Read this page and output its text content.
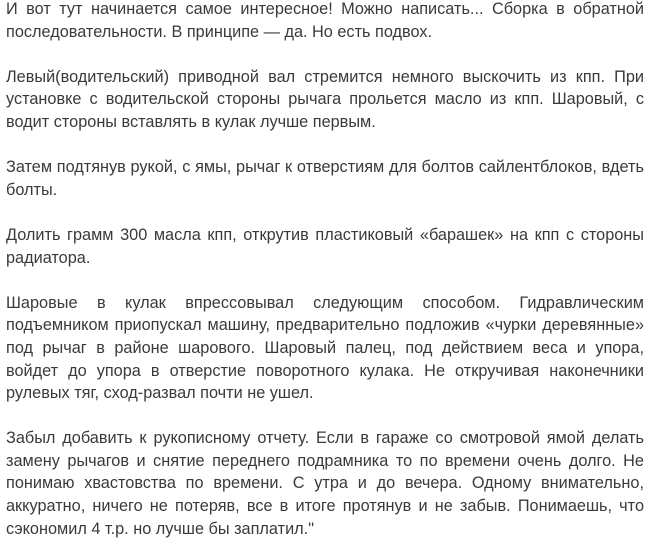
И вот тут начинается самое интересное! Можно написать... Сборка в обратной последовательности. В принципе — да. Но есть подвох.

Левый(водительский) приводной вал стремится немного выскочить из кпп. При установке с водительской стороны рычага прольется масло из кпп. Шаровый, с водит стороны вставлять в кулак лучше первым.

Затем подтянув рукой, с ямы, рычаг к отверстиям для болтов сайлентблоков, вдеть болты.

Долить грамм 300 масла кпп, открутив пластиковый «барашек» на кпп с стороны радиатора.

Шаровые в кулак впрессовывал следующим способом. Гидравлическим подъемником приопускал машину, предварительно подложив «чурки деревянные» под рычаг в районе шарового. Шаровый палец, под действием веса и упора, войдет до упора в отверстие поворотного кулака. Не откручивая наконечники рулевых тяг, сход-развал почти не ушел.

Забыл добавить к рукописному отчету. Если в гараже со смотровой ямой делать замену рычагов и снятие переднего подрамника то по времени очень долго. Не понимаю хвастовства по времени. С утра и до вечера. Одному внимательно, аккуратно, ничего не потеряв, все в итоге протянув и не забыв. Понимаешь, что сэкономил 4 т.р. но лучше бы заплатил."
